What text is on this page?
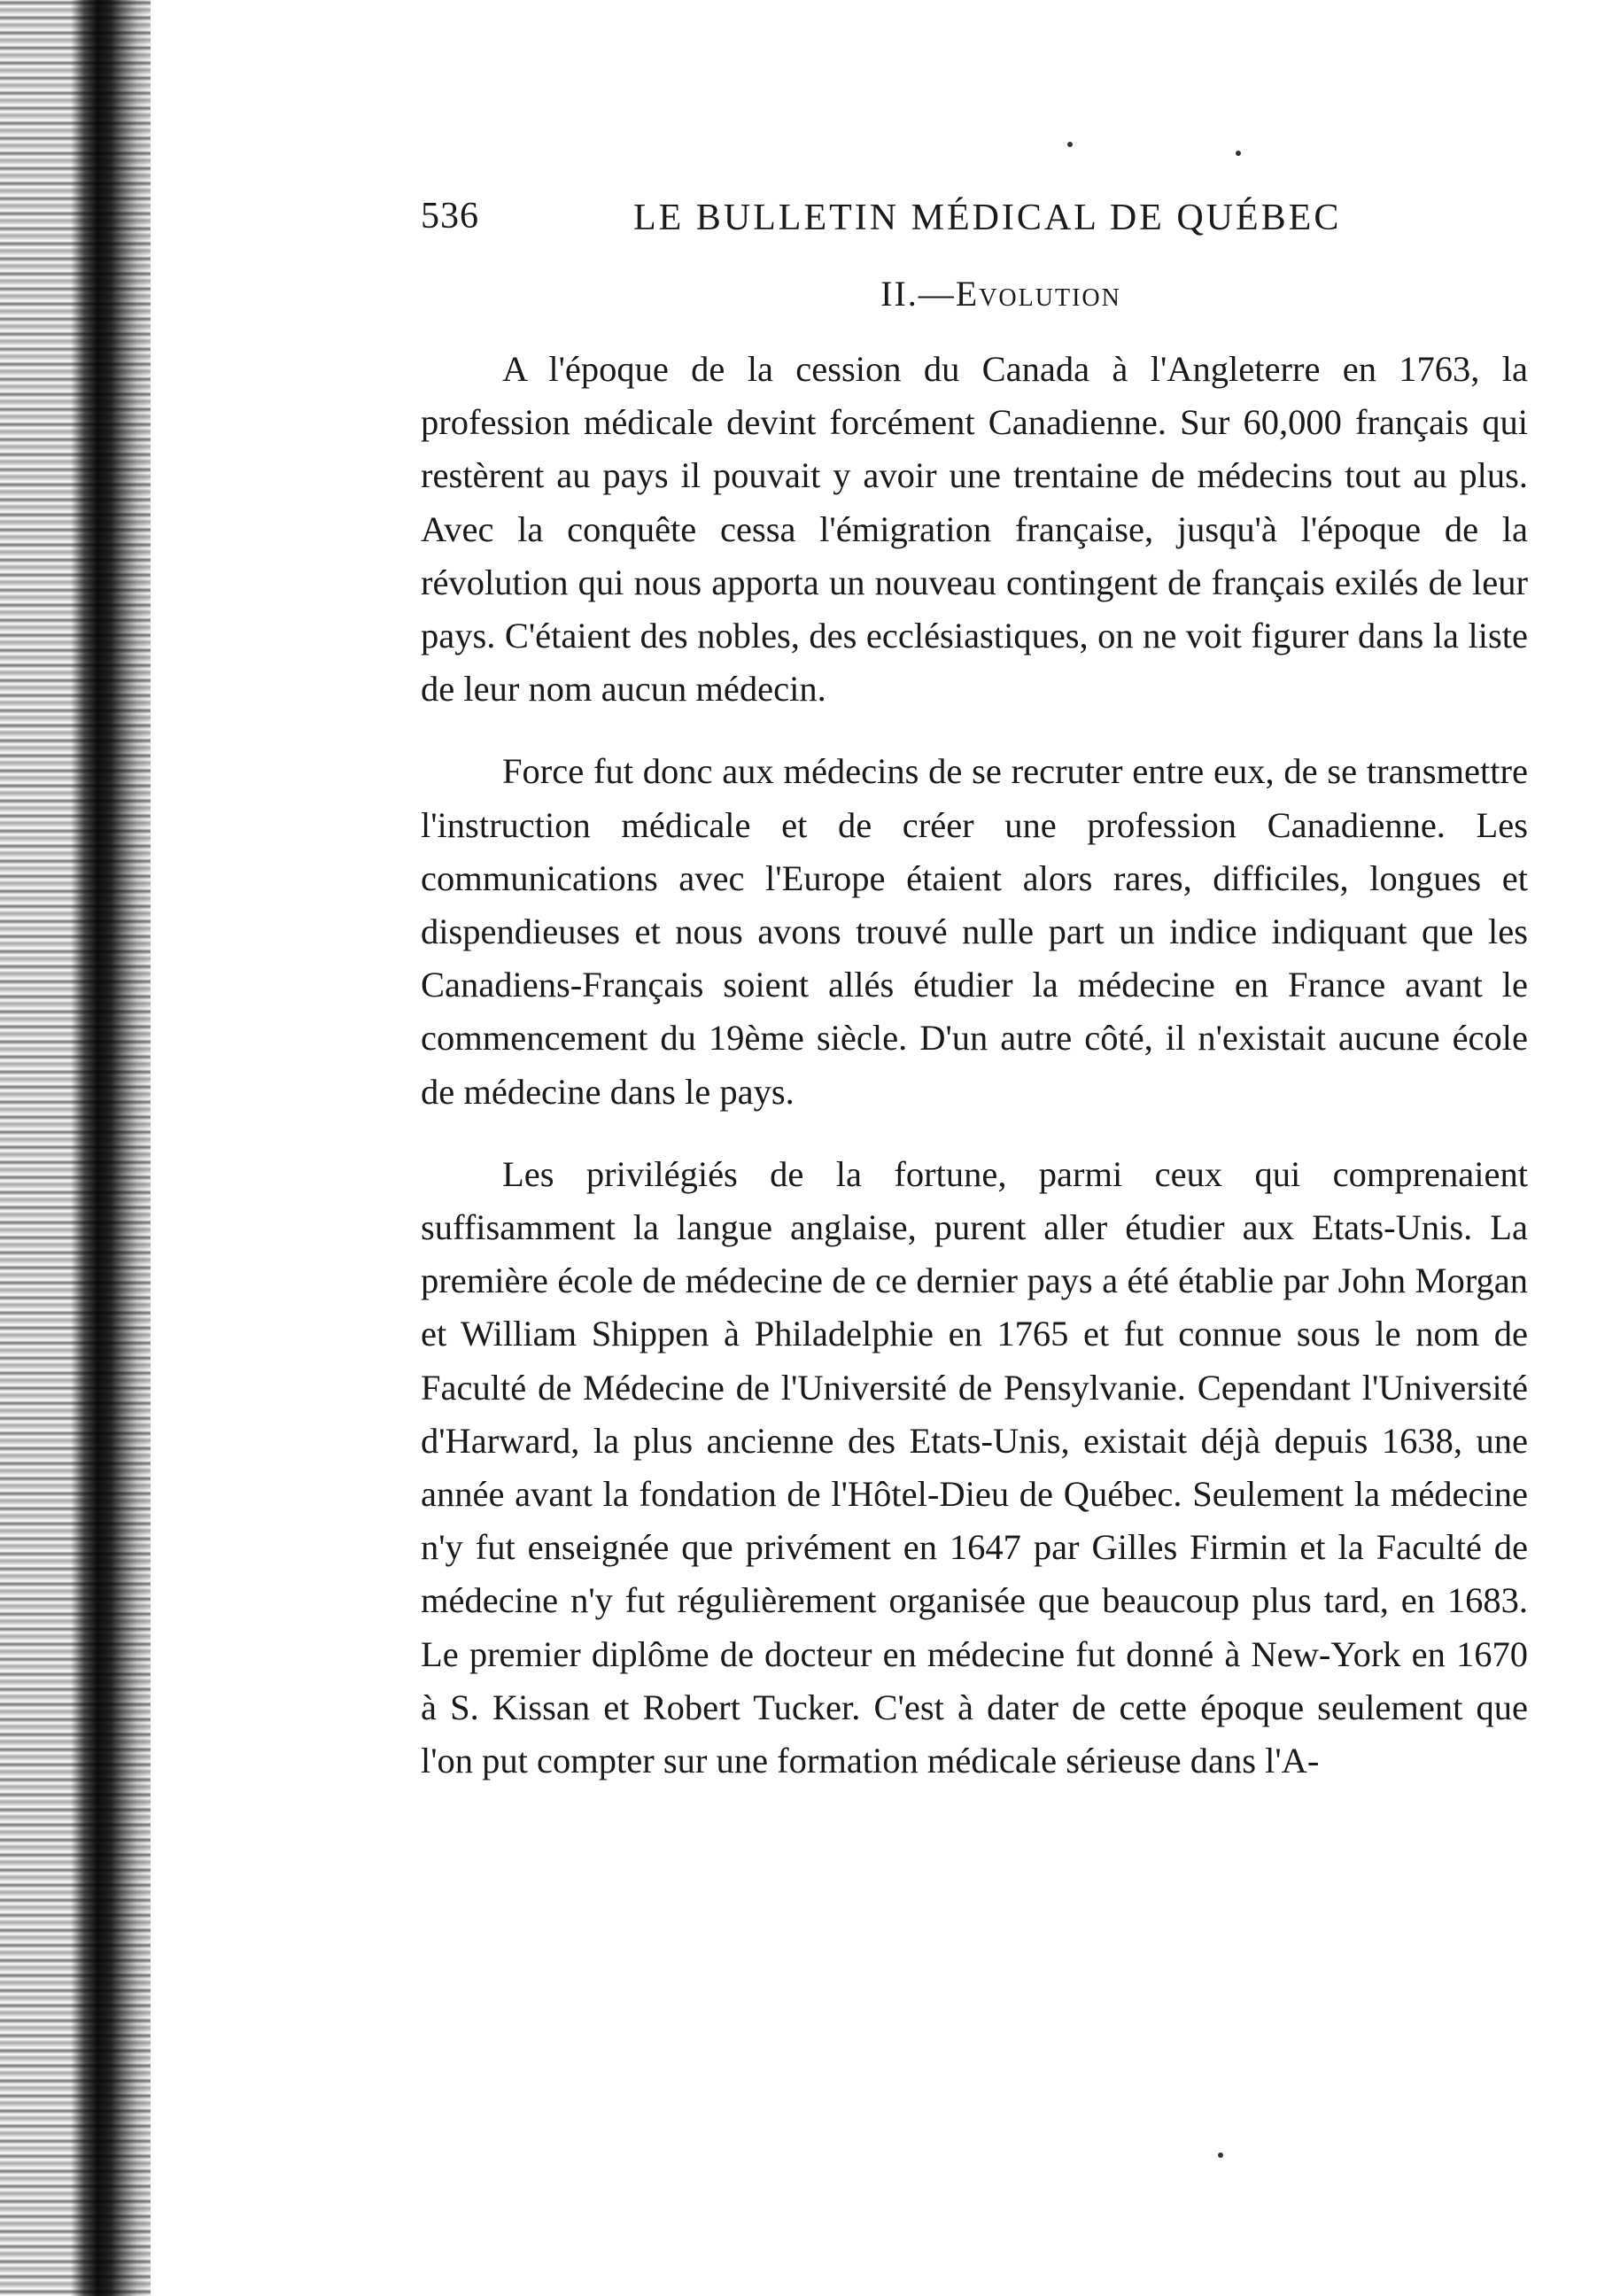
536	LE BULLETIN MÉDICAL DE QUÉBEC
II.—Evolution

A l'époque de la cession du Canada à l'Angleterre en 1763, la profession médicale devint forcément Canadienne. Sur 60,000 français qui restèrent au pays il pouvait y avoir une trentaine de médecins tout au plus. Avec la conquête cessa l'émigration française, jusqu'à l'époque de la révolution qui nous apporta un nouveau contingent de français exilés de leur pays. C'étaient des nobles, des ecclésiastiques, on ne voit figurer dans la liste de leur nom aucun médecin.

Force fut donc aux médecins de se recruter entre eux, de se transmettre l'instruction médicale et de créer une profession Canadienne. Les communications avec l'Europe étaient alors rares, difficiles, longues et dispendieuses et nous avons trouvé nulle part un indice indiquant que les Canadiens-Français soient allés étudier la médecine en France avant le commencement du 19ème siècle. D'un autre côté, il n'existait aucune école de médecine dans le pays.

Les privilégiés de la fortune, parmi ceux qui comprenaient suffisamment la langue anglaise, purent aller étudier aux Etats-Unis. La première école de médecine de ce dernier pays a été établie par John Morgan et William Shippen à Philadelphie en 1765 et fut connue sous le nom de Faculté de Médecine de l'Université de Pensylvanie. Cependant l'Université d'Harward, la plus ancienne des Etats-Unis, existait déjà depuis 1638, une année avant la fondation de l'Hôtel-Dieu de Québec. Seulement la médecine n'y fut enseignée que privément en 1647 par Gilles Firmin et la Faculté de médecine n'y fut régulièrement organisée que beaucoup plus tard, en 1683. Le premier diplôme de docteur en médecine fut donné à New-York en 1670 à S. Kissan et Robert Tucker. C'est à dater de cette époque seulement que l'on put compter sur une formation médicale sérieuse dans l'A-
